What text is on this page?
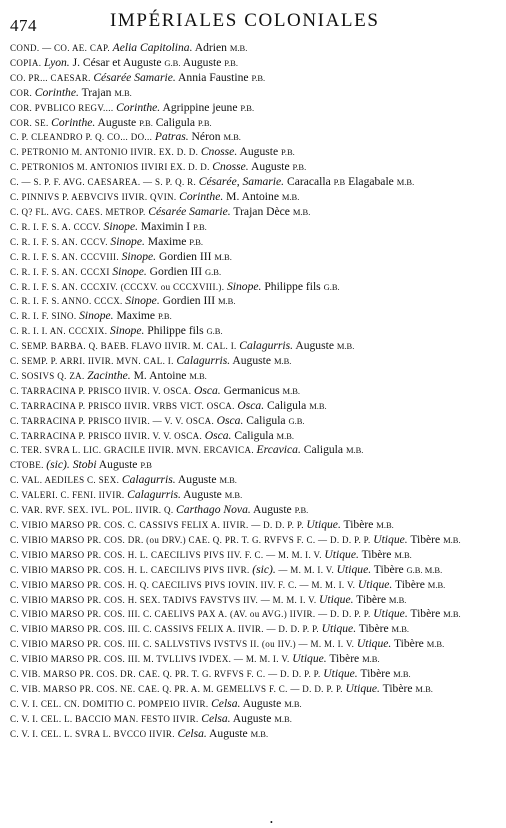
474	IMPÉRIALES COLONIALES
COND. — CO. AE. CAP. Aelia Capitolina. Adrien M.B.
COPIA. Lyon. J. César et Auguste G.B. Auguste P.B.
CO. PR... CAESAR. Césarée Samarie. Annia Faustine P.B.
COR. Corinthe. Trajan M.B.
COR. PVBLICO REGV.... Corinthe. Agrippine jeune P.B.
COR. SE. Corinthe. Auguste P.B. Caligula P.B.
C. P. CLEANDRO P. Q. CO... DO... Patras. Néron M.B.
C. PETRONIO M. ANTONIO IIVIR. EX. D. D. Cnosse. Auguste P.B.
C. PETRONIOS M. ANTONIOS IIVIRI EX. D. D. Cnosse. Auguste P.B.
C. — S. P. F. AVG. CAESAREA. — S. P. Q. R. Césarée, Samarie. Caracalla P.B Elagabale M.B.
C. PINNIVS P. AEBVCIVS IIVIR. QVIN. Corinthe. M. Antoine M.B.
C. Q? FL. AVG. CAES. METROP. Césarée Samarie. Trajan Dèce M.B.
C. R. I. F. S. A. CCCV. Sinope. Maximin I P.B.
C. R. I. F. S. AN. CCCV. Sinope. Maxime P.B.
C. R. I. F. S. AN. CCCVIII. Sinope. Gordien III M.B.
C. R. I. F. S. AN. CCCXI Sinope. Gordien III G.B.
C. R. I. F. S. AN. CCCXIV. (CCCXV. ou CCCXVIII.). Sinope. Philippe fils G.B.
C. R. I. F. S. ANNO. CCCX. Sinope. Gordien III M.B.
C. R. I. F. SINO. Sinope. Maxime P.B.
C. R. I. I. AN. CCCXIX. Sinope. Philippe fils G.B.
C. SEMP. BARBA. Q. BAEB. FLAVO IIVIR. M. CAL. I. Calagurris. Auguste M.B.
C. SEMP. P. ARRI. IIVIR. MVN. CAL. I. Calagurris. Auguste M.B.
C. SOSIVS Q. ZA. Zacinthe. M. Antoine M.B.
C. TARRACINA P. PRISCO IIVIR. V. OSCA. Osca. Germanicus M.B.
C. TARRACINA P. PRISCO IIVIR. VRBS VICT. OSCA. Osca. Caligula M.B.
C. TARRACINA P. PRISCO IIVIR. — V. V. OSCA. Osca. Caligula G.B.
C. TARRACINA P. PRISCO IIVIR. V. V. OSCA. Osca. Caligula M.B.
C. TER. SVRA L. LIC. GRACILE IIVIR. MVN. ERCAVICA. Ercavica. Caligula M.B.
CTOBE. (sic). Stobi Auguste P.B
C. VAL. AEDILES C. SEX. Calagurris. Auguste M.B.
C. VALERI. C. FENI. IIVIR. Calagurris. Auguste M.B.
C. VAR. RVF. SEX. IVL. POL. IIVIR. Q. Carthago Nova. Auguste P.B.
C. VIBIO MARSO PR. COS. C. CASSIVS FELIX A. IIVIR. — D. D. P. P. Utique. Tibère M.B.
C. VIBIO MARSO PR. COS. DR. (ou DRV.) CAE. Q. PR. T. G. RVFVS F. C. — D. D. P. P. Utique. Tibère M.B.
C. VIBIO MARSO PR. COS. H. L. CAECILIVS PIVS IIV. F. C. — M. M. I. V. Utique. Tibère M.B.
C. VIBIO MARSO PR. COS. H. L. CAECILIVS PIVS IIVR. (sic). — M. M. I. V. Utique. Tibère G.B. M.B.
C. VIBIO MARSO PR. COS. H. Q. CAECILIVS PIVS IOVIN. IIV. F. C. — M. M. I. V. Utique. Tibère M.B.
C. VIBIO MARSO PR. COS. H. SEX. TADIVS FAVSTVS IIV. — M. M. I. V. Utique. Tibère M.B.
C. VIBIO MARSO PR. COS. III. C. CAELIVS PAX A. (AV. ou AVG.) IIVIR. — D. D. P. P. Utique. Tibère M.B.
C. VIBIO MARSO PR. COS. III. C. CASSIVS FELIX A. IIVIR. — D. D. P. P. Utique. Tibère M.B.
C. VIBIO MARSO PR. COS. III. C. SALLVSTIVS IVSTVS II. (ou IIV.) — M. M. I. V. Utique. Tibère M.B.
C. VIBIO MARSO PR. COS. III. M. TVLLIVS IVDEX. — M. M. I. V. Utique. Tibère M.B.
C. VIB. MARSO PR. COS. DR. CAE. Q. PR. T. G. RVFVS F. C. — D. D. P. P. Utique. Tibère M.B.
C. VIB. MARSO PR. COS. NE. CAE. Q. PR. A. M. GEMELLVS F. C. — D. D. P. P. Utique. Tibère M.B.
C. V. I. CEL. CN. DOMITIO C. POMPEIO IIVIR. Celsa. Auguste M.B.
C. V. I. CEL. L. BACCIO MAN. FESTO IIVIR. Celsa. Auguste M.B.
C. V. I. CEL. L. SVRA L. BVCCO IIVIR. Celsa. Auguste M.B.
•
